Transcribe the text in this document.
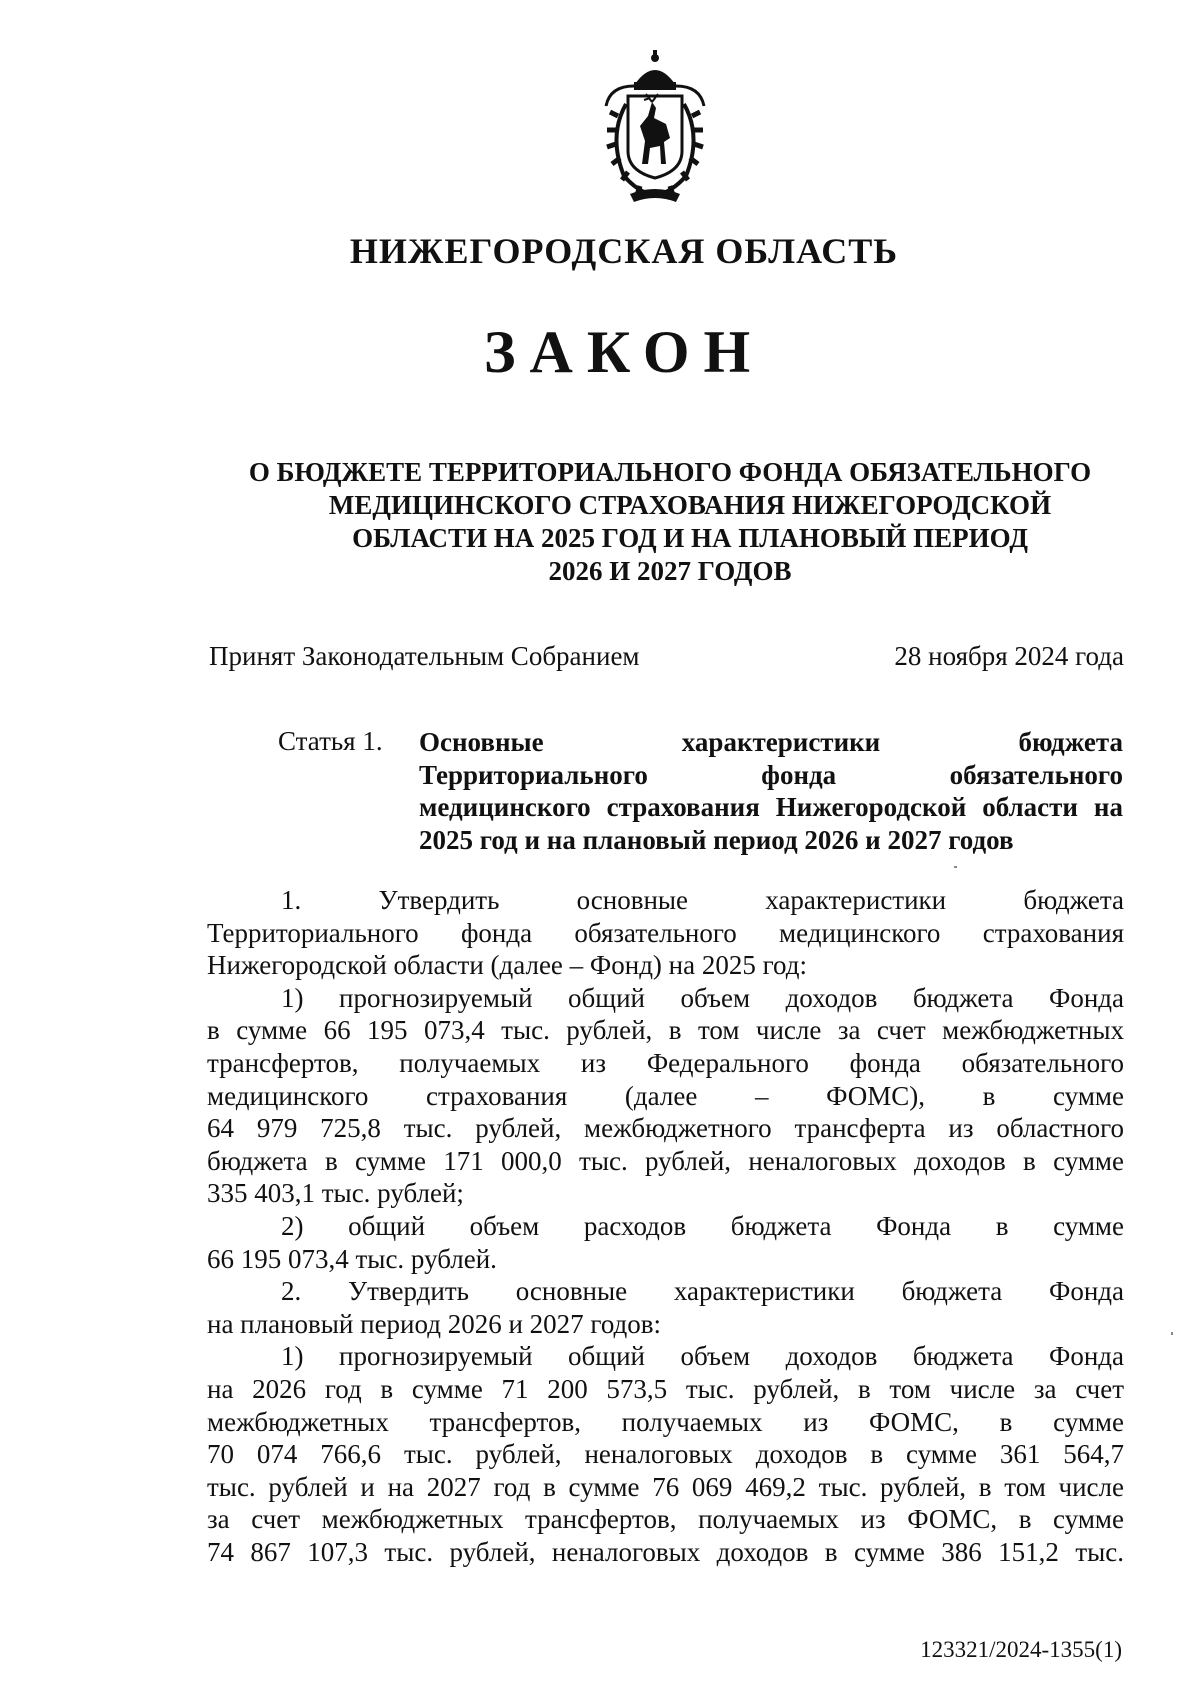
НИЖЕГОРОДСКАЯ ОБЛАСТЬ
ЗАКОН
О БЮДЖЕТЕ ТЕРРИТОРИАЛЬНОГО ФОНДА ОБЯЗАТЕЛЬНОГО
МЕДИЦИНСКОГО СТРАХОВАНИЯ НИЖЕГОРОДСКОЙ
ОБЛАСТИ НА 2025 ГОД И НА ПЛАНОВЫЙ ПЕРИОД
2026 И 2027 ГОДОВ
Принят Законодательным Собранием	28 ноября 2024 года
Статья 1. Основные характеристики бюджета
Территориального фонда обязательного
медицинского страхования Нижегородской области на
2025 год и на плановый период 2026 и 2027 годов
1. Утвердить основные характеристики бюджета
Территориального фонда обязательного медицинского страхования
Нижегородской области (далее – Фонд) на 2025 год:
1) прогнозируемый общий объем доходов бюджета Фонда
в сумме 66 195 073,4 тыс. рублей, в том числе за счет межбюджетных
трансфертов, получаемых из Федерального фонда обязательного
медицинского страхования (далее – ФОМС), в сумме
64 979 725,8 тыс. рублей, межбюджетного трансферта из областного
бюджета в сумме 171 000,0 тыс. рублей, неналоговых доходов в сумме
335 403,1 тыс. рублей;
2) общий объем расходов бюджета Фонда в сумме
66 195 073,4 тыс. рублей.
2. Утвердить основные характеристики бюджета Фонда
на плановый период 2026 и 2027 годов:
1) прогнозируемый общий объем доходов бюджета Фонда
на 2026 год в сумме 71 200 573,5 тыс. рублей, в том числе за счет
межбюджетных трансфертов, получаемых из ФОМС, в сумме
70 074 766,6 тыс. рублей, неналоговых доходов в сумме 361 564,7
тыс. рублей и на 2027 год в сумме 76 069 469,2 тыс. рублей, в том числе
за счет межбюджетных трансфертов, получаемых из ФОМС, в сумме
74 867 107,3 тыс. рублей, неналоговых доходов в сумме 386 151,2 тыс.
123321/2024-1355(1)
